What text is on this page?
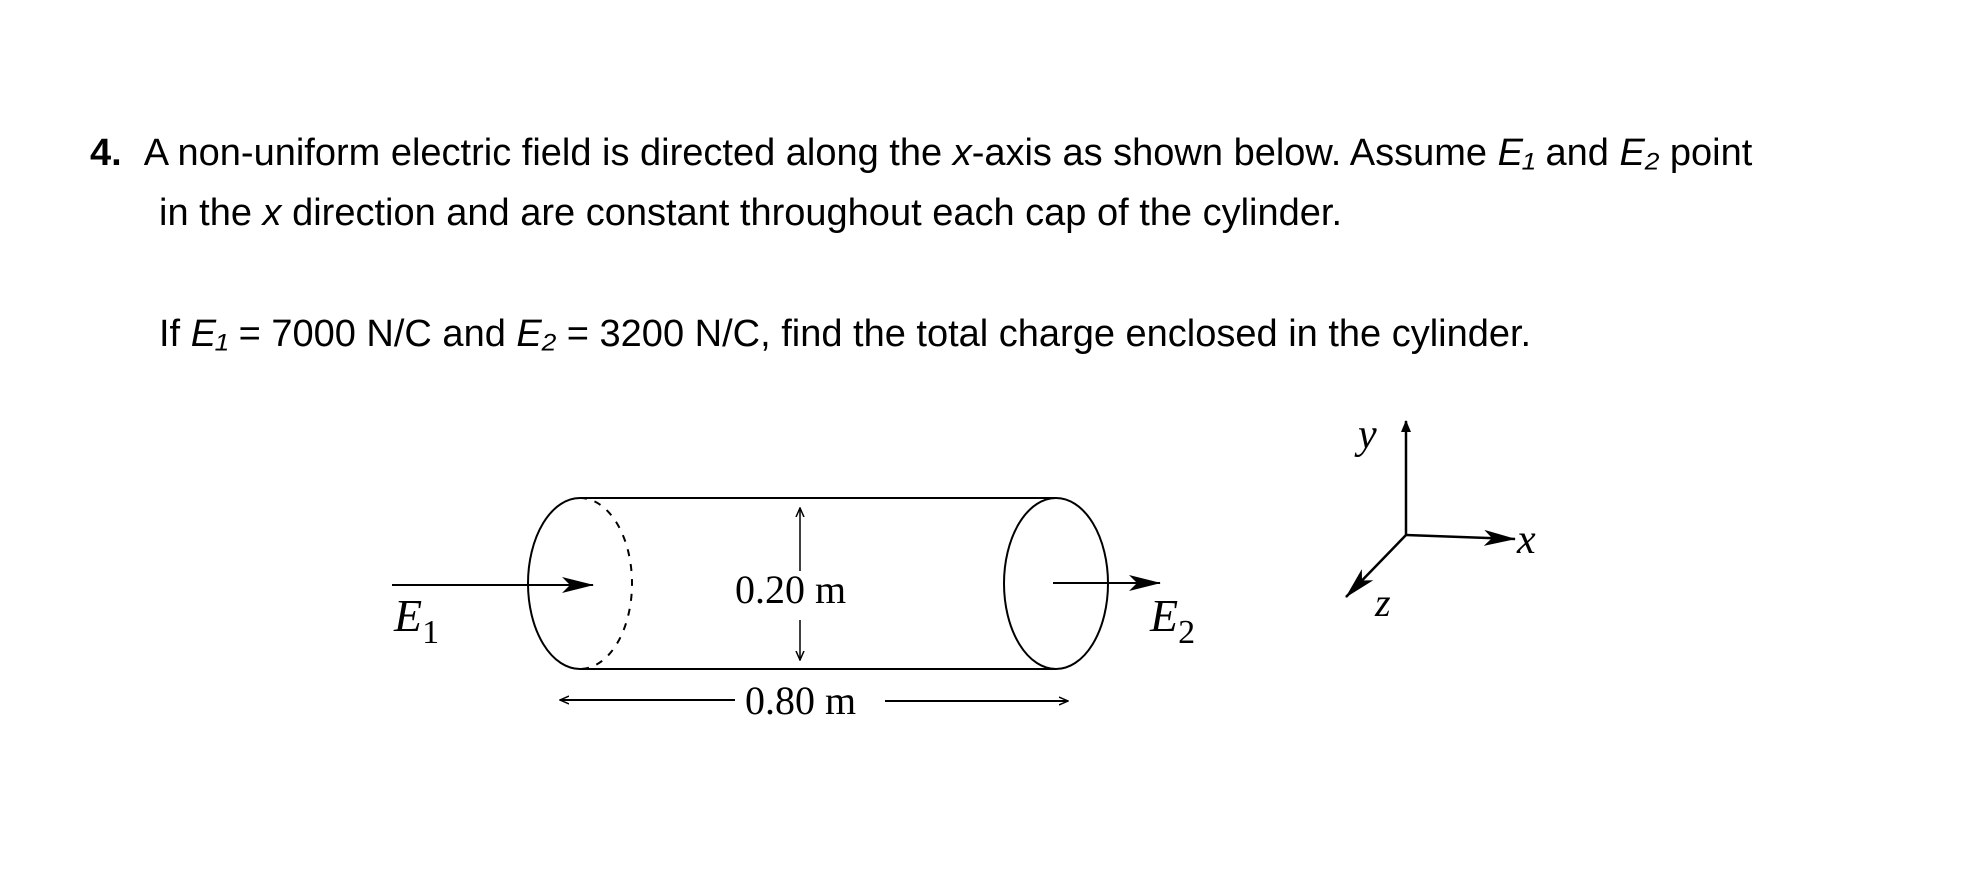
4. A non-uniform electric field is directed along the x-axis as shown below. Assume E₁ and E₂ point
in the x direction and are constant throughout each cap of the cylinder.
If E₁ = 7000 N/C and E₂ = 3200 N/C, find the total charge enclosed in the cylinder.
$E_1$	$E_2$
0.20 m
0.80 m
y
x
z
